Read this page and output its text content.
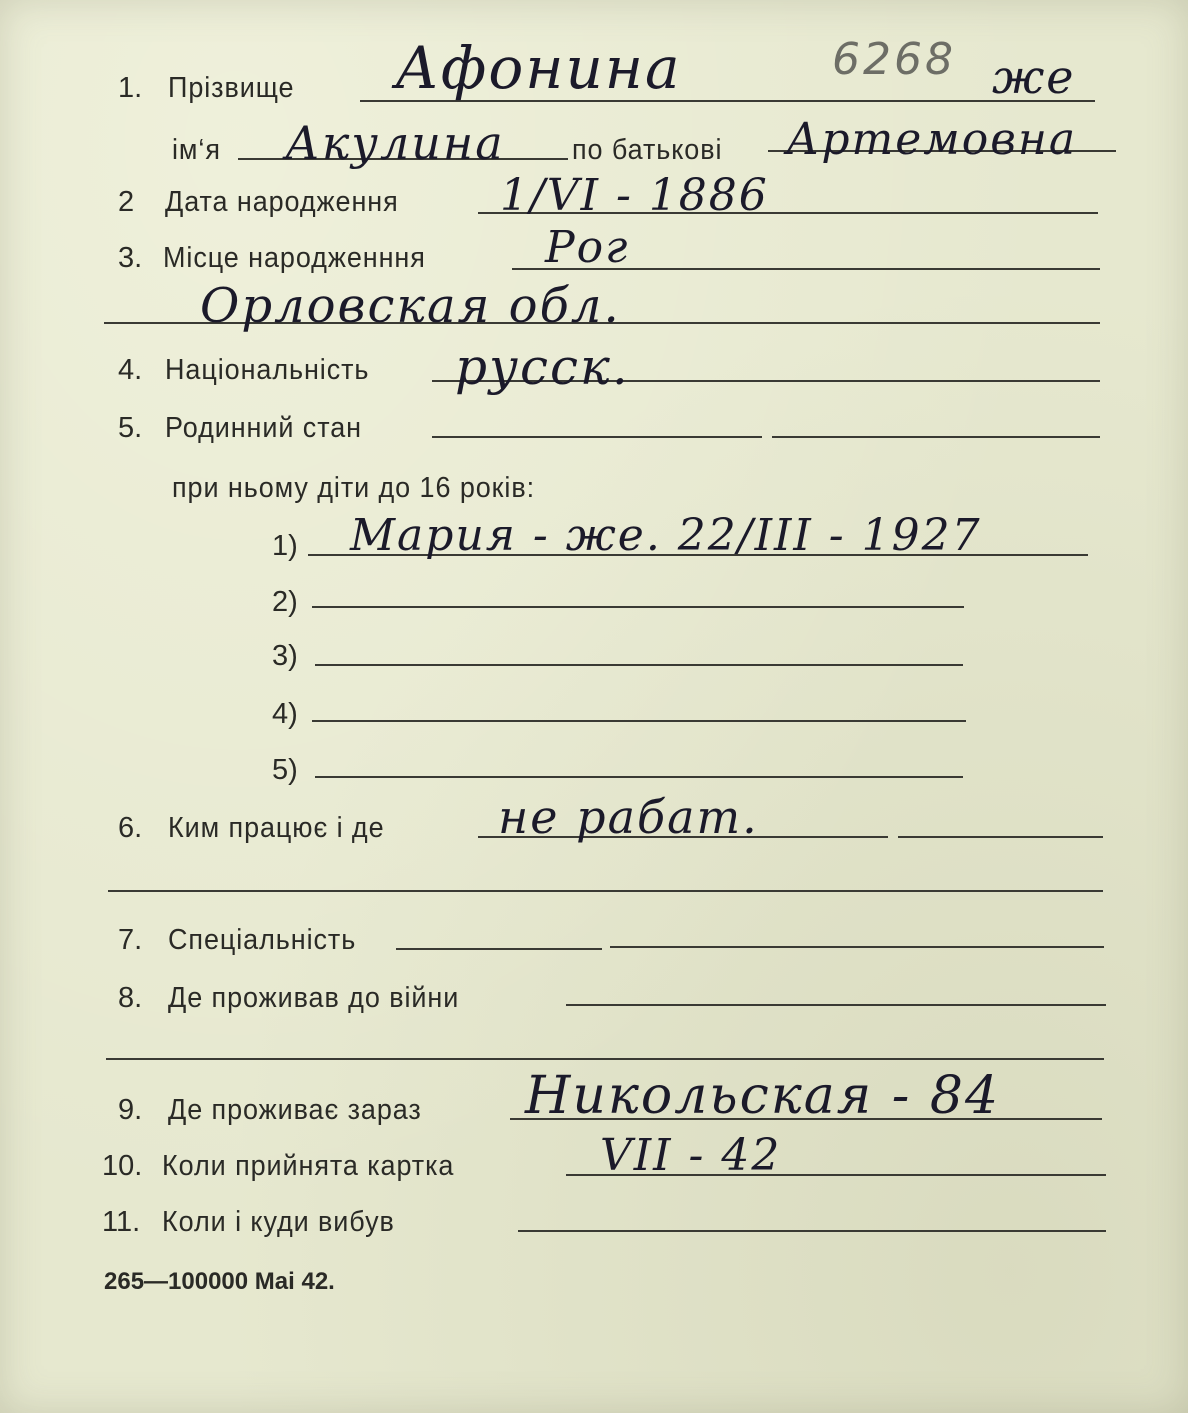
6268
1. Прізвище Афонина	же
ім‘я Акулина по батькові Артемовна
2 Дата народження 1/VI - 1886
3. Місце народженння	Рог
Орловская обл.
4. Національність русск.
5. Родинний стан
при ньому діти до 16 років:
1) Мария - же. 22/III - 1927
2)
3)
4)
5)
6. Ким працює і де не рабат.
7. Спеціальність
8. Де проживав до війни
9. Де проживає зараз Никольская - 84
10. Коли прийнята картка	VII - 42
11. Коли і куди вибув
265—100000 Mai 42.
